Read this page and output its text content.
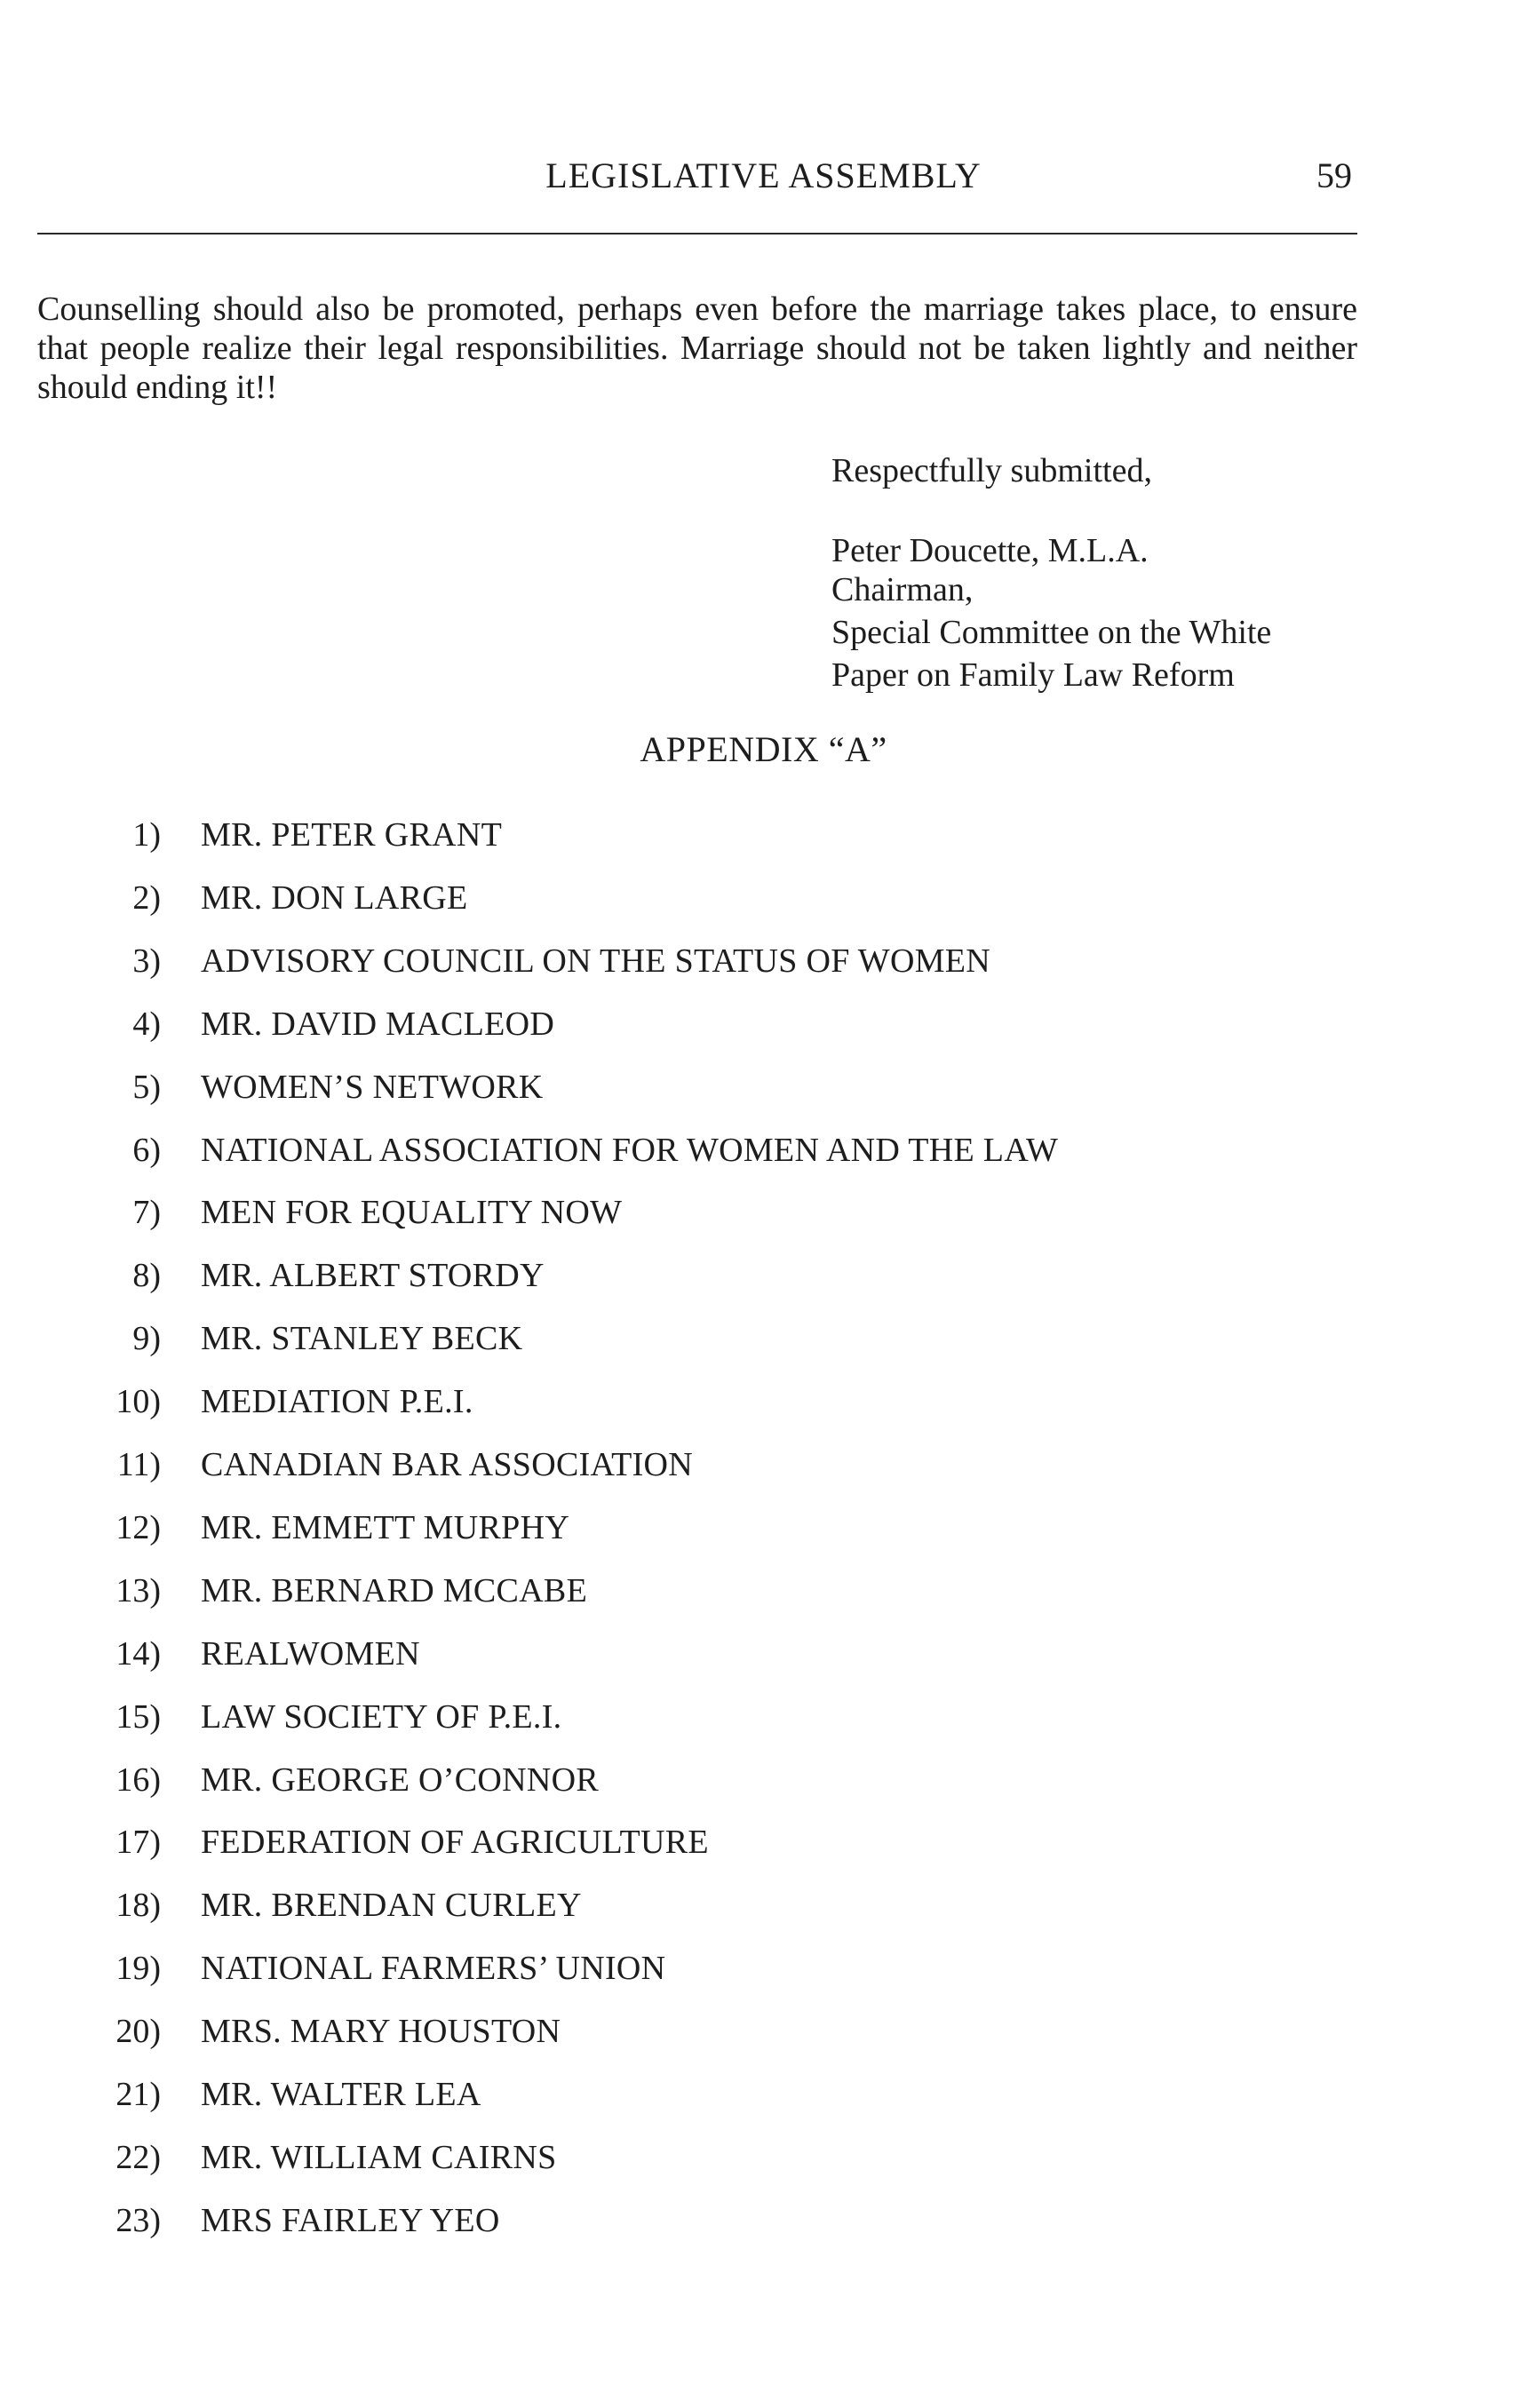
LEGISLATIVE ASSEMBLY	59

Counselling should also be promoted, perhaps even before the marriage takes place, to ensure that people realize their legal responsibilities. Marriage should not be taken lightly and neither should ending it!!

Respectfully submitted,
Peter Doucette, M.L.A.
Chairman,
Special Committee on the White
Paper on Family Law Reform
APPENDIX “A”
1) MR. PETER GRANT
2) MR. DON LARGE
3) ADVISORY COUNCIL ON THE STATUS OF WOMEN
4) MR. DAVID MACLEOD
5) WOMEN’S NETWORK
6) NATIONAL ASSOCIATION FOR WOMEN AND THE LAW
7) MEN FOR EQUALITY NOW
8) MR. ALBERT STORDY
9) MR. STANLEY BECK
10) MEDIATION P.E.I.
11) CANADIAN BAR ASSOCIATION
12) MR. EMMETT MURPHY
13) MR. BERNARD MCCABE
14) REALWOMEN
15) LAW SOCIETY OF P.E.I.
16) MR. GEORGE O’CONNOR
17) FEDERATION OF AGRICULTURE
18) MR. BRENDAN CURLEY
19) NATIONAL FARMERS’ UNION
20) MRS. MARY HOUSTON
21) MR. WALTER LEA
22) MR. WILLIAM CAIRNS
23) MRS FAIRLEY YEO
